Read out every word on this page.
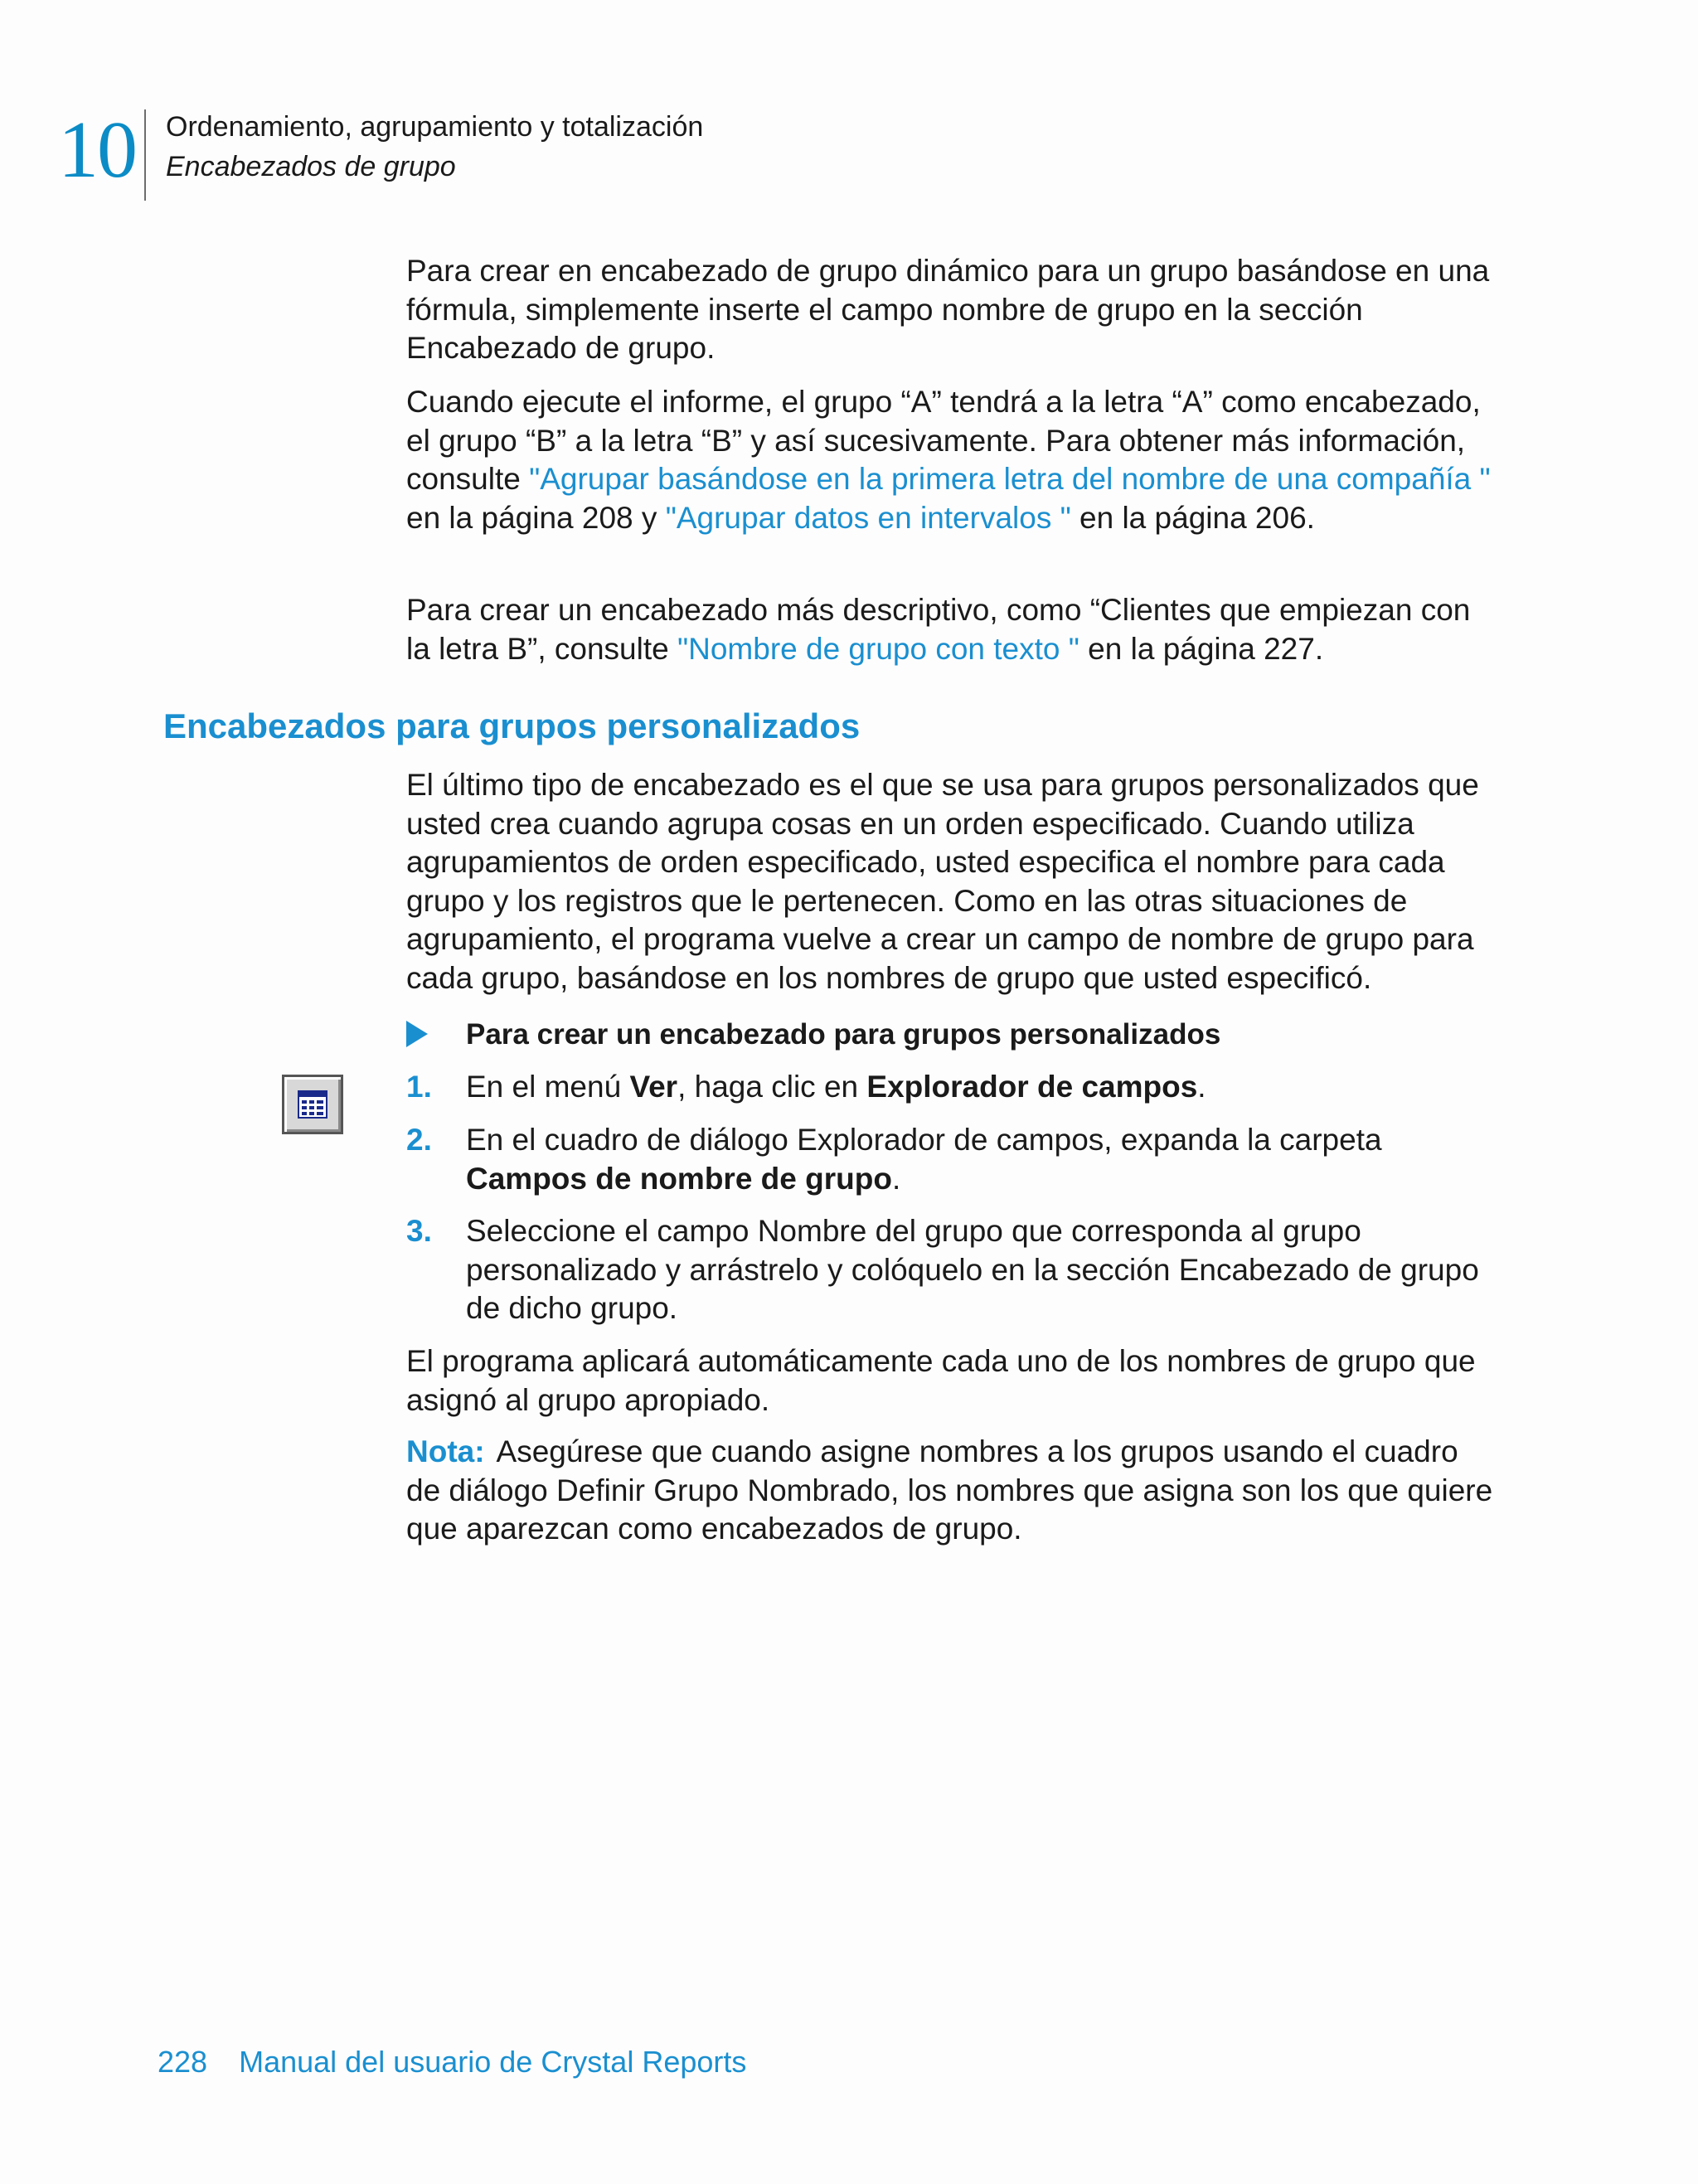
10 Ordenamiento, agrupamiento y totalización
Encabezados de grupo

Para crear en encabezado de grupo dinámico para un grupo basándose en una fórmula, simplemente inserte el campo nombre de grupo en la sección Encabezado de grupo.

Cuando ejecute el informe, el grupo “A” tendrá a la letra “A” como encabezado, el grupo “B” a la letra “B” y así sucesivamente. Para obtener más información, consulte "Agrupar basándose en la primera letra del nombre de una compañía " en la página 208 y "Agrupar datos en intervalos " en la página 206.

Para crear un encabezado más descriptivo, como “Clientes que empiezan con la letra B”, consulte "Nombre de grupo con texto " en la página 227.

Encabezados para grupos personalizados

El último tipo de encabezado es el que se usa para grupos personalizados que usted crea cuando agrupa cosas en un orden especificado. Cuando utiliza agrupamientos de orden especificado, usted especifica el nombre para cada grupo y los registros que le pertenecen. Como en las otras situaciones de agrupamiento, el programa vuelve a crear un campo de nombre de grupo para cada grupo, basándose en los nombres de grupo que usted especificó.

Para crear un encabezado para grupos personalizados
1. En el menú Ver, haga clic en Explorador de campos.
2. En el cuadro de diálogo Explorador de campos, expanda la carpeta Campos de nombre de grupo.
3. Seleccione el campo Nombre del grupo que corresponda al grupo personalizado y arrástrelo y colóquelo en la sección Encabezado de grupo de dicho grupo.

El programa aplicará automáticamente cada uno de los nombres de grupo que asignó al grupo apropiado.

Nota: Asegúrese que cuando asigne nombres a los grupos usando el cuadro de diálogo Definir Grupo Nombrado, los nombres que asigna son los que quiere que aparezcan como encabezados de grupo.

228 Manual del usuario de Crystal Reports
